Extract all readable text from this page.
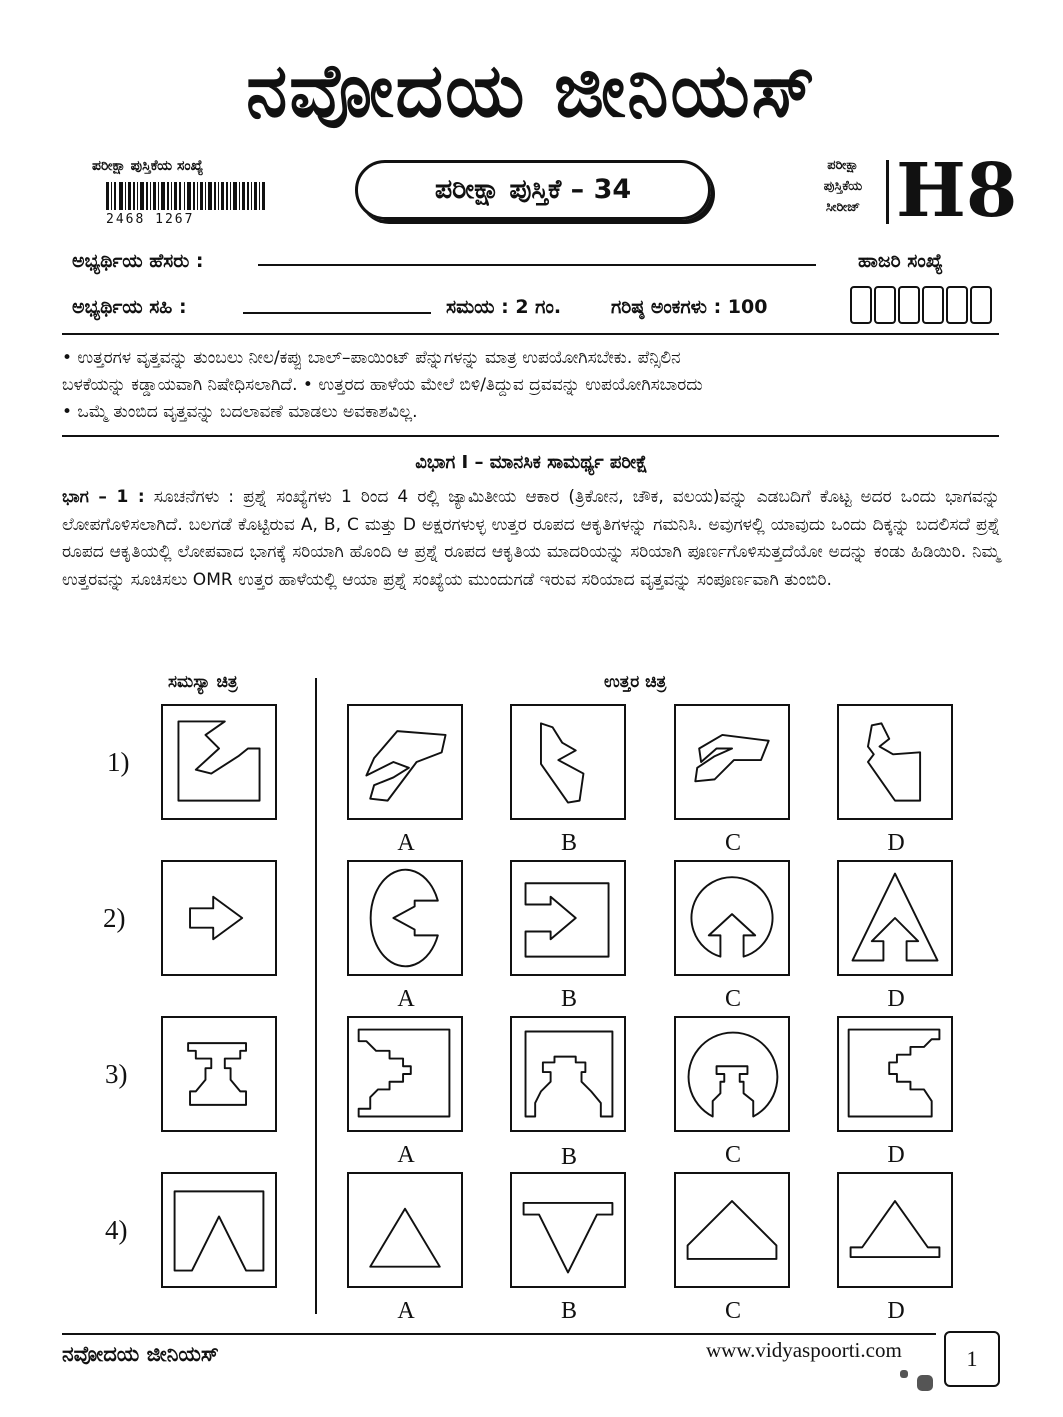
ನವೋದಯ ಜೀನಿಯಸ್
ಪರೀಕ್ಷಾ ಪುಸ್ತಿಕೆಯ ಸಂಖ್ಯೆ
2468 1267
ಪರೀಕ್ಷಾ ಪುಸ್ತಿಕೆ – 34
ಪರೀಕ್ಷಾ
ಪುಸ್ತಿಕೆಯ
ಸೀರೀಜ್ H8
ಅಭ್ಯರ್ಥಿಯ ಹೆಸರು :	ಹಾಜರಿ ಸಂಖ್ಯೆ
ಅಭ್ಯರ್ಥಿಯ ಸಹಿ :	ಸಮಯ : 2 ಗಂ.	ಗರಿಷ್ಠ ಅಂಕಗಳು : 100
• ಉತ್ತರಗಳ ವೃತ್ತವನ್ನು ತುಂಬಲು ನೀಲ/ಕಪ್ಪು ಬಾಲ್–ಪಾಯಿಂಟ್ ಪೆನ್ನುಗಳನ್ನು ಮಾತ್ರ ಉಪಯೋಗಿಸಬೇಕು. ಪೆನ್ಸಿಲಿನ
ಬಳಕೆಯನ್ನು ಕಡ್ಡಾಯವಾಗಿ ನಿಷೇಧಿಸಲಾಗಿದೆ. • ಉತ್ತರದ ಹಾಳೆಯ ಮೇಲೆ ಬಿಳಿ/ತಿದ್ದುವ ದ್ರವವನ್ನು ಉಪಯೋಗಿಸಬಾರದು
• ಒಮ್ಮೆ ತುಂಬಿದ ವೃತ್ತವನ್ನು ಬದಲಾವಣೆ ಮಾಡಲು ಅವಕಾಶವಿಲ್ಲ.
ವಿಭಾಗ I – ಮಾನಸಿಕ ಸಾಮರ್ಥ್ಯ ಪರೀಕ್ಷೆ
ಭಾಗ – 1 : ಸೂಚನೆಗಳು : ಪ್ರಶ್ನೆ ಸಂಖ್ಯೆಗಳು 1 ರಿಂದ 4 ರಲ್ಲಿ ಜ್ಯಾಮಿತೀಯ ಆಕಾರ (ತ್ರಿಕೋನ, ಚೌಕ, ವಲಯ)ವನ್ನು ಎಡಬದಿಗೆ ಕೊಟ್ಟ ಅದರ ಒಂದು ಭಾಗವನ್ನು ಲೋಪಗೊಳಿಸಲಾಗಿದೆ. ಬಲಗಡೆ ಕೊಟ್ಟಿರುವ A, B, C ಮತ್ತು D ಅಕ್ಷರಗಳುಳ್ಳ ಉತ್ತರ ರೂಪದ ಆಕೃತಿಗಳನ್ನು ಗಮನಿಸಿ. ಅವುಗಳಲ್ಲಿ ಯಾವುದು ಒಂದು ದಿಕ್ಕನ್ನು ಬದಲಿಸದೆ ಪ್ರಶ್ನೆ ರೂಪದ ಆಕೃತಿಯಲ್ಲಿ ಲೋಪವಾದ ಭಾಗಕ್ಕೆ ಸರಿಯಾಗಿ ಹೊಂದಿ ಆ ಪ್ರಶ್ನೆ ರೂಪದ ಆಕೃತಿಯ ಮಾದರಿಯನ್ನು ಸರಿಯಾಗಿ ಪೂರ್ಣಗೊಳಿಸುತ್ತದೆಯೋ ಅದನ್ನು ಕಂಡು ಹಿಡಿಯಿರಿ. ನಿಮ್ಮ ಉತ್ತರವನ್ನು ಸೂಚಿಸಲು OMR ಉತ್ತರ ಹಾಳೆಯಲ್ಲಿ ಆಯಾ ಪ್ರಶ್ನೆ ಸಂಖ್ಯೆಯ ಮುಂದುಗಡೆ ಇರುವ ಸರಿಯಾದ ವೃತ್ತವನ್ನು ಸಂಪೂರ್ಣವಾಗಿ ತುಂಬಿರಿ.
ಸಮಸ್ಯಾ ಚಿತ್ರ	ಉತ್ತರ ಚಿತ್ರ
1)
A	B	C	D
2)
A	B	C	D
3)
A	B	C	D
4)
A	B	C	D
ನವೋದಯ ಜೀನಿಯಸ್	www.vidyaspoorti.com	1
